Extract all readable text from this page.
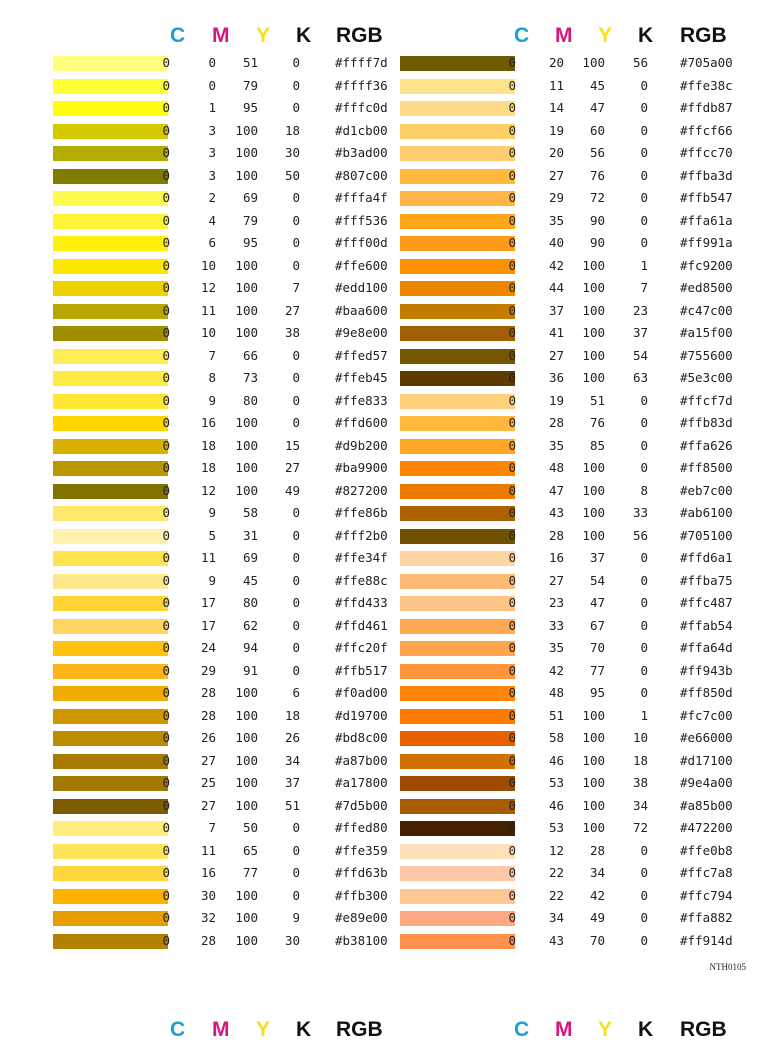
C M Y K RGB	C M Y K RGB
0	0	51	0	#ffff7d
0	0	79	0	#ffff36
0	1	95	0	#fffc0d
0	3	100	18	#d1cb00
0	3	100	30	#b3ad00
0	3	100	50	#807c00
0	2	69	0	#fffa4f
0	4	79	0	#fff536
0	6	95	0	#fff00d
0	10	100	0	#ffe600
0	12	100	7	#edd100
0	11	100	27	#baa600
0	10	100	38	#9e8e00
0	7	66	0	#ffed57
0	8	73	0	#ffeb45
0	9	80	0	#ffe833
0	16	100	0	#ffd600
0	18	100	15	#d9b200
0	18	100	27	#ba9900
0	12	100	49	#827200
0	9	58	0	#ffe86b
0	5	31	0	#fff2b0
0	11	69	0	#ffe34f
0	9	45	0	#ffe88c
0	17	80	0	#ffd433
0	17	62	0	#ffd461
0	24	94	0	#ffc20f
0	29	91	0	#ffb517
0	28	100	6	#f0ad00
0	28	100	18	#d19700
0	26	100	26	#bd8c00
0	27	100	34	#a87b00
0	25	100	37	#a17800
0	27	100	51	#7d5b00
0	7	50	0	#ffed80
0	11	65	0	#ffe359
0	16	77	0	#ffd63b
0	30	100	0	#ffb300
0	32	100	9	#e89e00
0	28	100	30	#b38100
0	20	100	56	#705a00
0	11	45	0	#ffe38c
0	14	47	0	#ffdb87
0	19	60	0	#ffcf66
0	20	56	0	#ffcc70
0	27	76	0	#ffba3d
0	29	72	0	#ffb547
0	35	90	0	#ffa61a
0	40	90	0	#ff991a
0	42	100	1	#fc9200
0	44	100	7	#ed8500
0	37	100	23	#c47c00
0	41	100	37	#a15f00
0	27	100	54	#755600
0	36	100	63	#5e3c00
0	19	51	0	#ffcf7d
0	28	76	0	#ffb83d
0	35	85	0	#ffa626
0	48	100	0	#ff8500
0	47	100	8	#eb7c00
0	43	100	33	#ab6100
0	28	100	56	#705100
0	16	37	0	#ffd6a1
0	27	54	0	#ffba75
0	23	47	0	#ffc487
0	33	67	0	#ffab54
0	35	70	0	#ffa64d
0	42	77	0	#ff943b
0	48	95	0	#ff850d
0	51	100	1	#fc7c00
0	58	100	10	#e66000
0	46	100	18	#d17100
0	53	100	38	#9e4a00
0	46	100	34	#a85b00
0	53	100	72	#472200
0	12	28	0	#ffe0b8
0	22	34	0	#ffc7a8
0	22	42	0	#ffc794
0	34	49	0	#ffa882
0	43	70	0	#ff914d
NTH0105
C M Y K RGB	C M Y K RGB
